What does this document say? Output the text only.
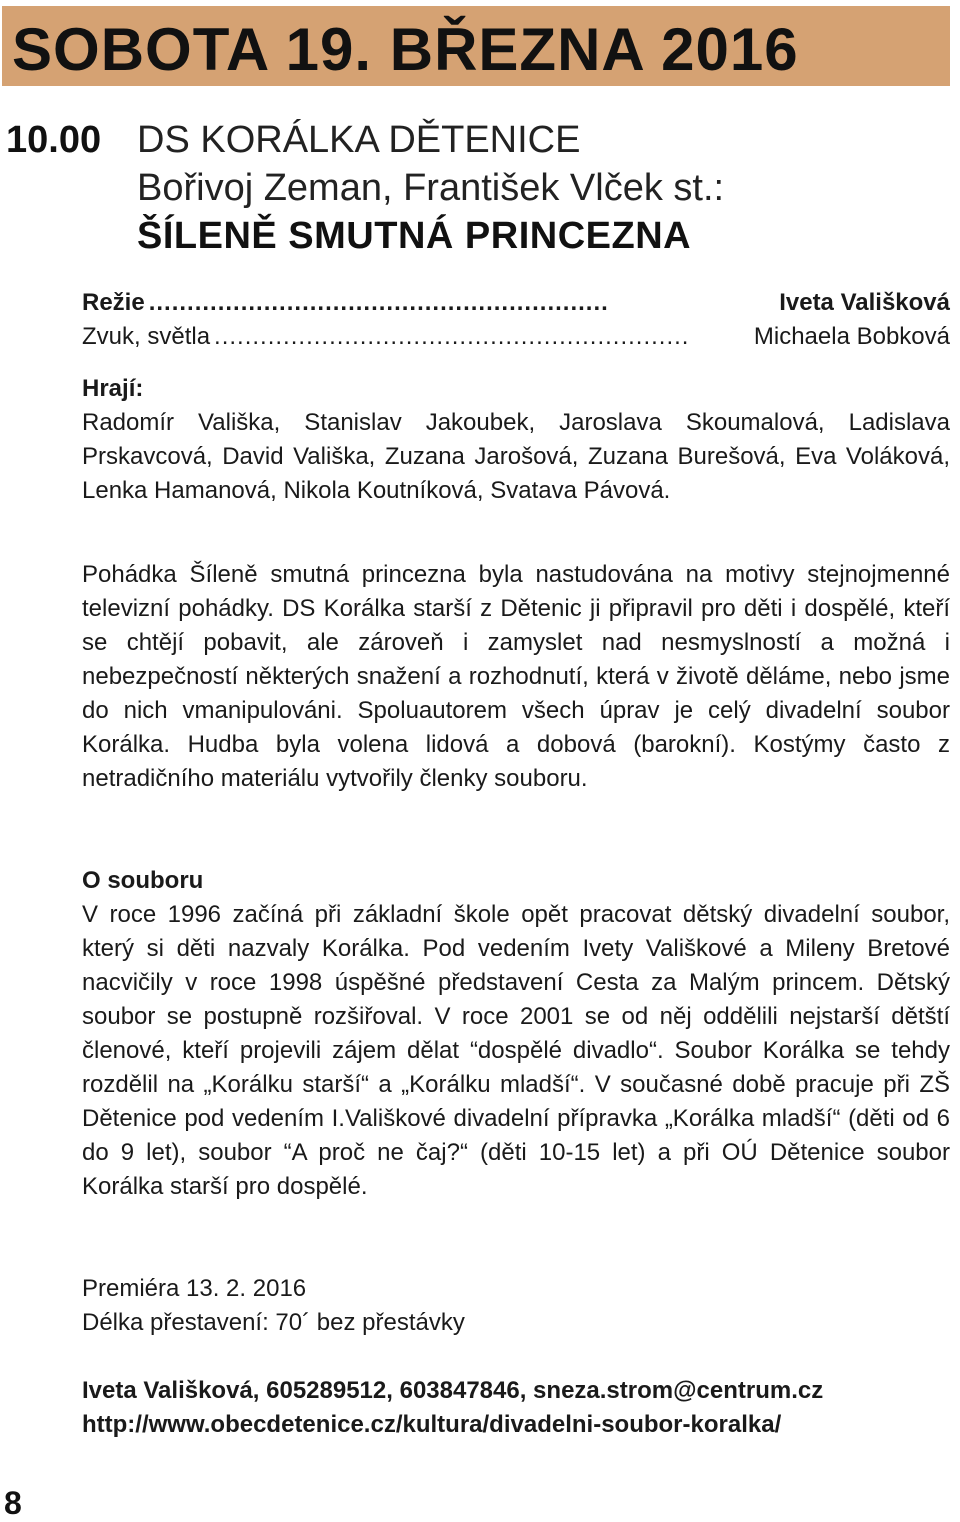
SOBOTA 19. BŘEZNA 2016
10.00 DS KORÁLKA DĚTENICE
Bořivoj Zeman, František Vlček st.:
ŠÍLENĚ SMUTNÁ PRINCEZNA
Režie ............................................................	Iveta Vališková
Zvuk, světla ..............................................................	Michaela Bobková
Hrají:

Radomír Vališka, Stanislav Jakoubek, Jaroslava Skoumalová, Ladislava Prskavcová, David Vališka, Zuzana Jarošová, Zuzana Burešová, Eva Voláková, Lenka Hamanová, Nikola Koutníková, Svatava Pávová.

Pohádka Šíleně smutná princezna byla nastudována na motivy stejnojmenné televizní pohádky. DS Korálka starší z Dětenic ji připravil pro děti i dospělé, kteří se chtějí pobavit, ale zároveň i zamyslet nad nesmyslností a možná i nebezpečností některých snažení a rozhodnutí, která v životě děláme, nebo jsme do nich vmanipulováni. Spoluautorem všech úprav je celý divadelní soubor Korálka. Hudba byla volena lidová a dobová (barokní). Kostýmy často z netradičního materiálu vytvořily členky souboru.

O souboru

V roce 1996 začíná při základní škole opět pracovat dětský divadelní soubor, který si děti nazvaly Korálka. Pod vedením Ivety Vališkové a Mileny Bretové nacvičily v roce 1998 úspěšné představení Cesta za Malým princem. Dětský soubor se postupně rozšiřoval. V roce 2001 se od něj oddělili nejstarší dětští členové, kteří projevili zájem dělat “dospělé divadlo“. Soubor Korálka se tehdy rozdělil na „Korálku starší“ a „Korálku mladší“. V současné době pracuje při ZŠ Dětenice pod vedením I.Vališkové divadelní přípravka „Korálka mladší“ (děti od 6 do 9 let), soubor “A proč ne čaj?“ (děti 10-15 let) a při OÚ Dětenice soubor Korálka starší pro dospělé.

Premiéra 13. 2. 2016
Délka přestavení: 70´ bez přestávky
Iveta Vališková, 605289512, 603847846, sneza.strom@centrum.cz
http://www.obecdetenice.cz/kultura/divadelni-soubor-koralka/
8
